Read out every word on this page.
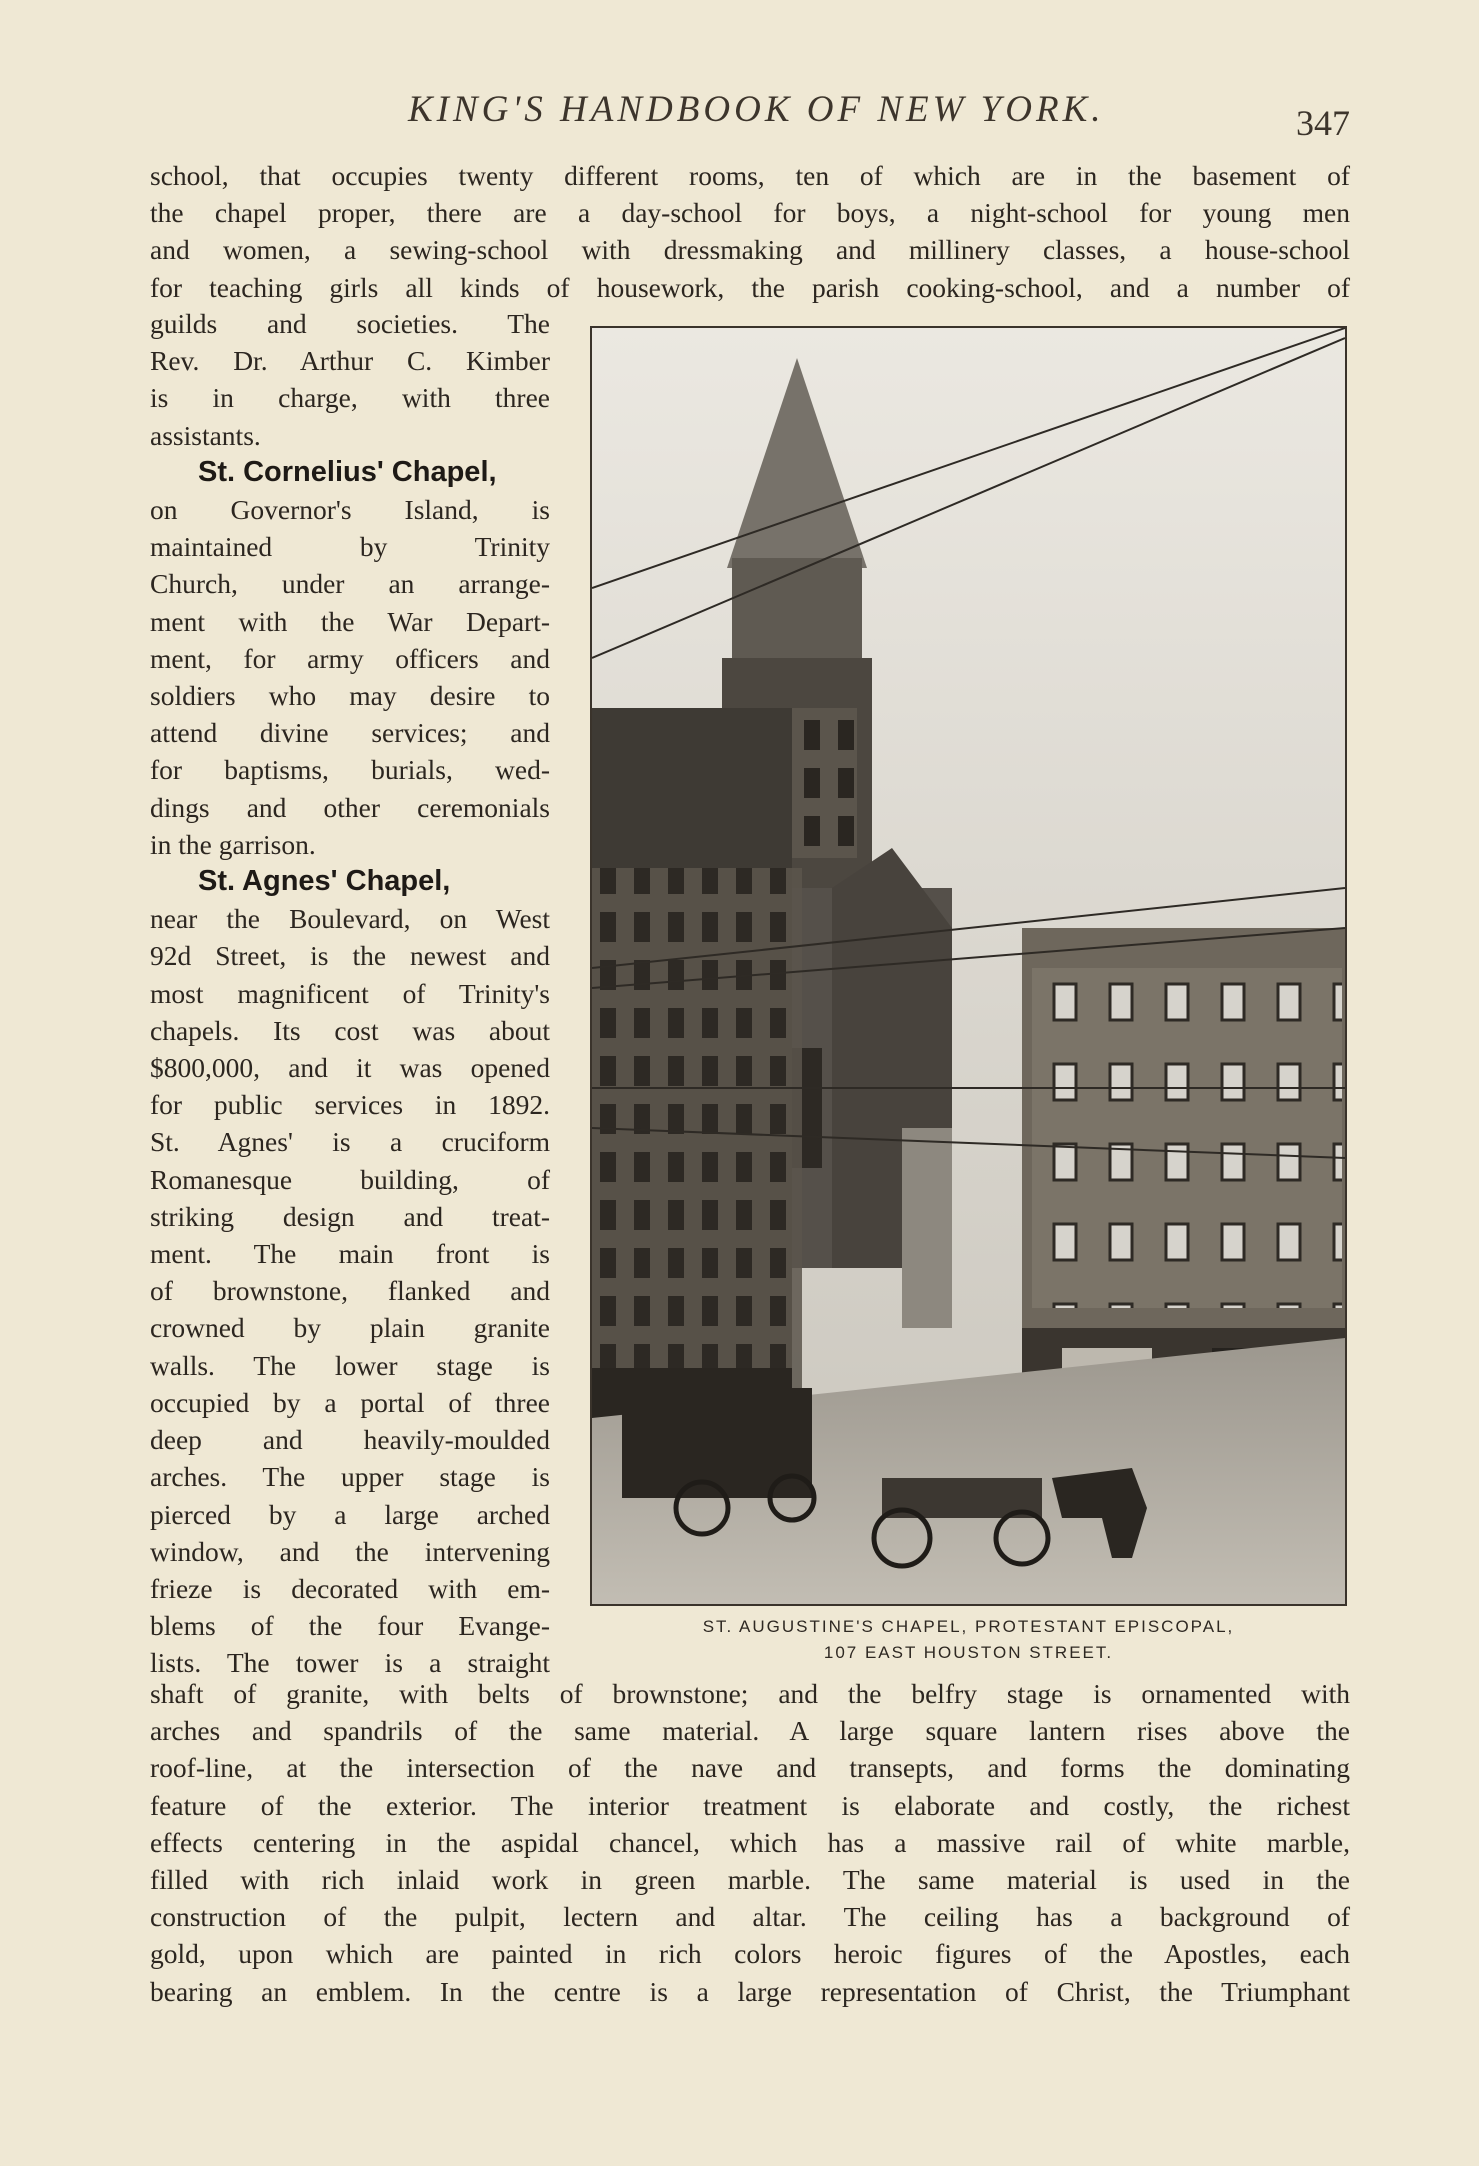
KING'S HANDBOOK OF NEW YORK.	347
school, that occupies twenty different rooms, ten of which are in the basement of
the chapel proper, there are a day-school for boys, a night-school for young men
and women, a sewing-school with dressmaking and millinery classes, a house-school
for teaching girls all kinds of housework, the parish cooking-school, and a number of
guilds and societies. The
Rev. Dr. Arthur C. Kimber
is in charge, with three
assistants.
St. Cornelius' Chapel,
on Governor's Island, is
maintained by Trinity
Church, under an arrange-
ment with the War Depart-
ment, for army officers and
soldiers who may desire to
attend divine services; and
for baptisms, burials, wed-
dings and other ceremonials
in the garrison.
St. Agnes' Chapel,
near the Boulevard, on West
92d Street, is the newest and
most magnificent of Trinity's
chapels. Its cost was about
$800,000, and it was opened
for public services in 1892.
St. Agnes' is a cruciform
Romanesque building, of
striking design and treat-
ment. The main front is
of brownstone, flanked and
crowned by plain granite
walls. The lower stage is
occupied by a portal of three
deep and heavily-moulded
arches. The upper stage is
pierced by a large arched
window, and the intervening
frieze is decorated with em-
blems of the four Evange-
lists. The tower is a straight
ST. AUGUSTINE'S CHAPEL, PROTESTANT EPISCOPAL,
107 EAST HOUSTON STREET.
shaft of granite, with belts of brownstone; and the belfry stage is ornamented with
arches and spandrils of the same material. A large square lantern rises above the
roof-line, at the intersection of the nave and transepts, and forms the dominating
feature of the exterior. The interior treatment is elaborate and costly, the richest
effects centering in the aspidal chancel, which has a massive rail of white marble,
filled with rich inlaid work in green marble. The same material is used in the
construction of the pulpit, lectern and altar. The ceiling has a background of
gold, upon which are painted in rich colors heroic figures of the Apostles, each
bearing an emblem. In the centre is a large representation of Christ, the Triumphant
